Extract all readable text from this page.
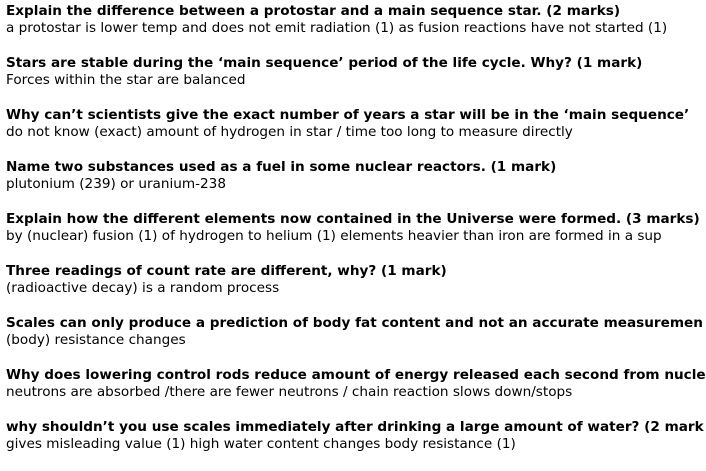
Explain the difference between a protostar and a main sequence star. (2 marks)
a protostar is lower temp and does not emit radiation (1) as fusion reactions have not started (1)
Stars are stable during the ‘main sequence’ period of the life cycle. Why? (1 mark)
Forces within the star are balanced
Why can’t scientists give the exact number of years a star will be in the ‘main sequence’
do not know (exact) amount of hydrogen in star / time too long to measure directly
Name two substances used as a fuel in some nuclear reactors. (1 mark)
plutonium (239) or uranium-238
Explain how the different elements now contained in the Universe were formed. (3 marks)
by (nuclear) fusion (1) of hydrogen to helium (1) elements heavier than iron are formed in a sup
Three readings of count rate are different, why? (1 mark)
(radioactive decay) is a random process
Scales can only produce a prediction of body fat content and not an accurate measuremen
(body) resistance changes
Why does lowering control rods reduce amount of energy released each second from nucle
neutrons are absorbed /there are fewer neutrons / chain reaction slows down/stops
why shouldn’t you use scales immediately after drinking a large amount of water? (2 mark
gives misleading value (1) high water content changes body resistance (1)
